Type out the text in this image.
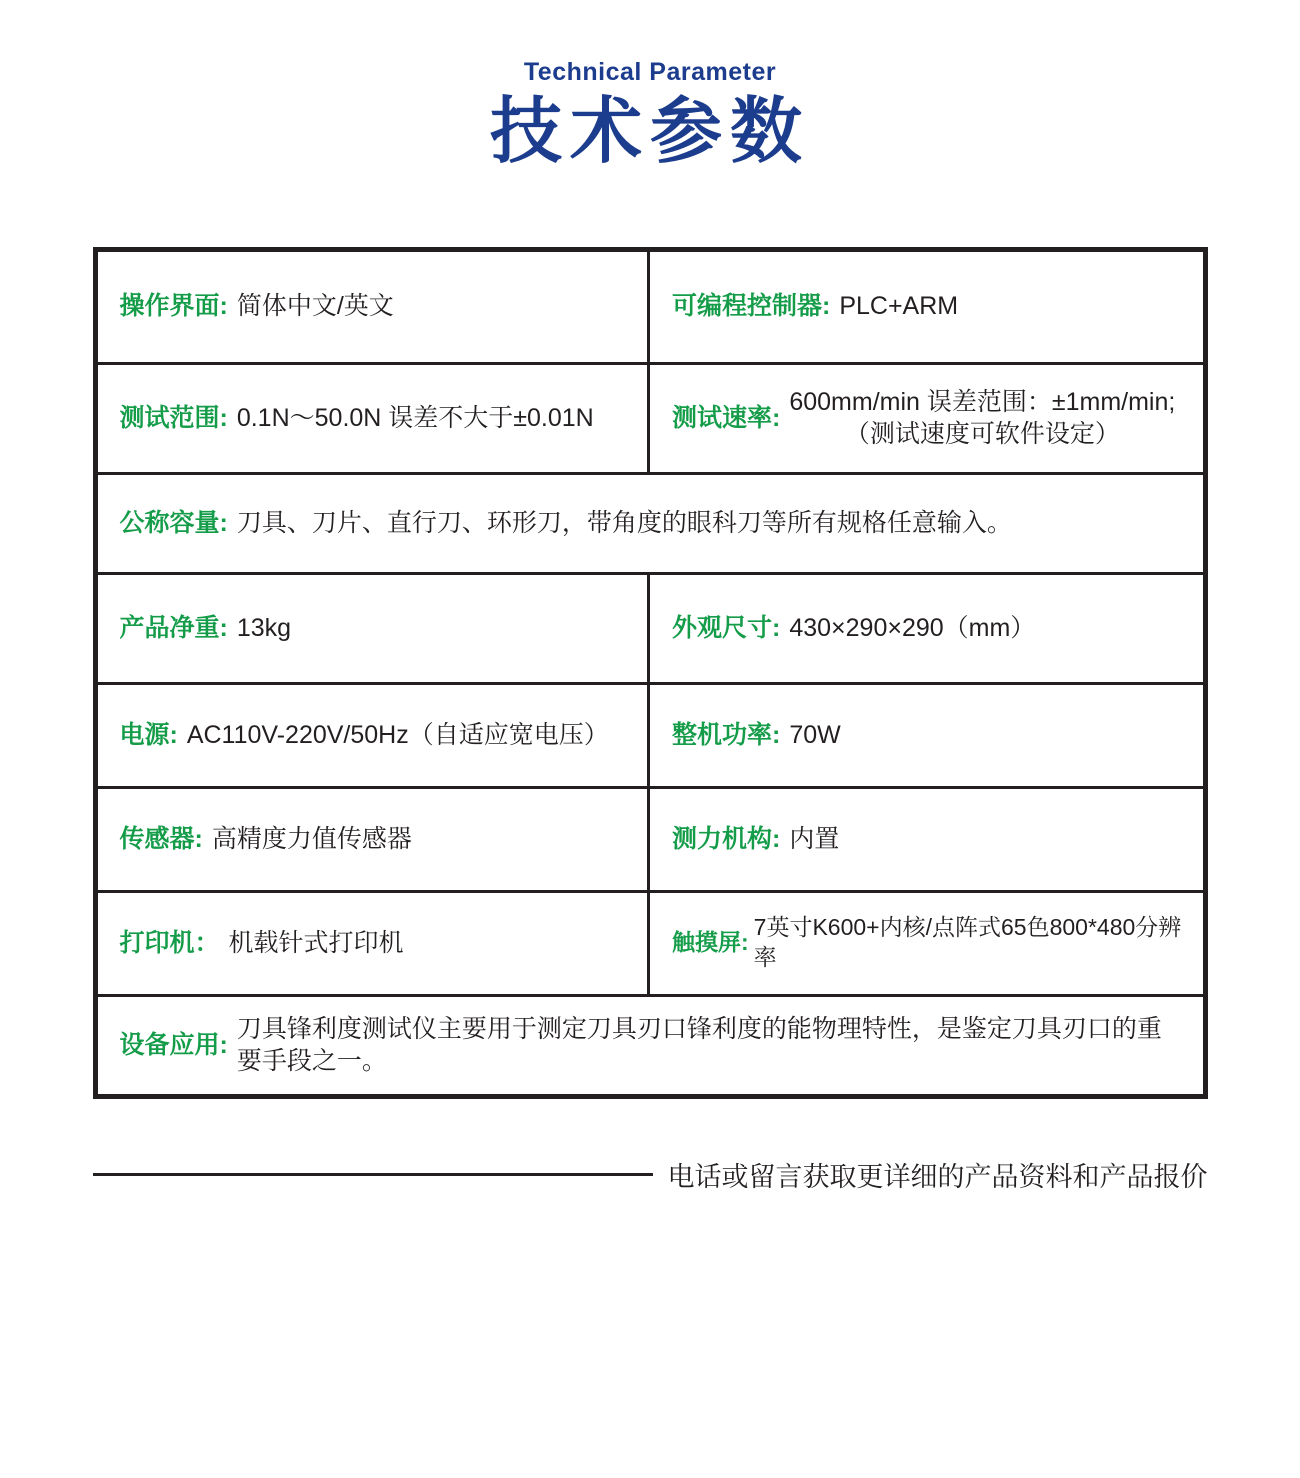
Technical Parameter
技术参数
操作界面: 简体中文/英文	可编程控制器: PLC+ARM
测试范围: 0.1N～50.0N 误差不大于±0.01N	测试速率:
600mm/min 误差范围：±1mm/min;
（测试速度可软件设定）
公称容量: 刀具、刀片、直行刀、环形刀，带角度的眼科刀等所有规格任意输入。
产品净重: 13kg	外观尺寸: 430×290×290（mm）
电源: AC110V-220V/50Hz（自适应宽电压）	整机功率: 70W
传感器: 高精度力值传感器	测力机构: 内置
打印机： 机载针式打印机	触摸屏:
7英寸K600+内核/点阵式65色800*480分辨率
设备应用:
刀具锋利度测试仪主要用于测定刀具刃口锋利度的能物理特性，是鉴定刀具刃口的重要手段之一。
电话或留言获取更详细的产品资料和产品报价
